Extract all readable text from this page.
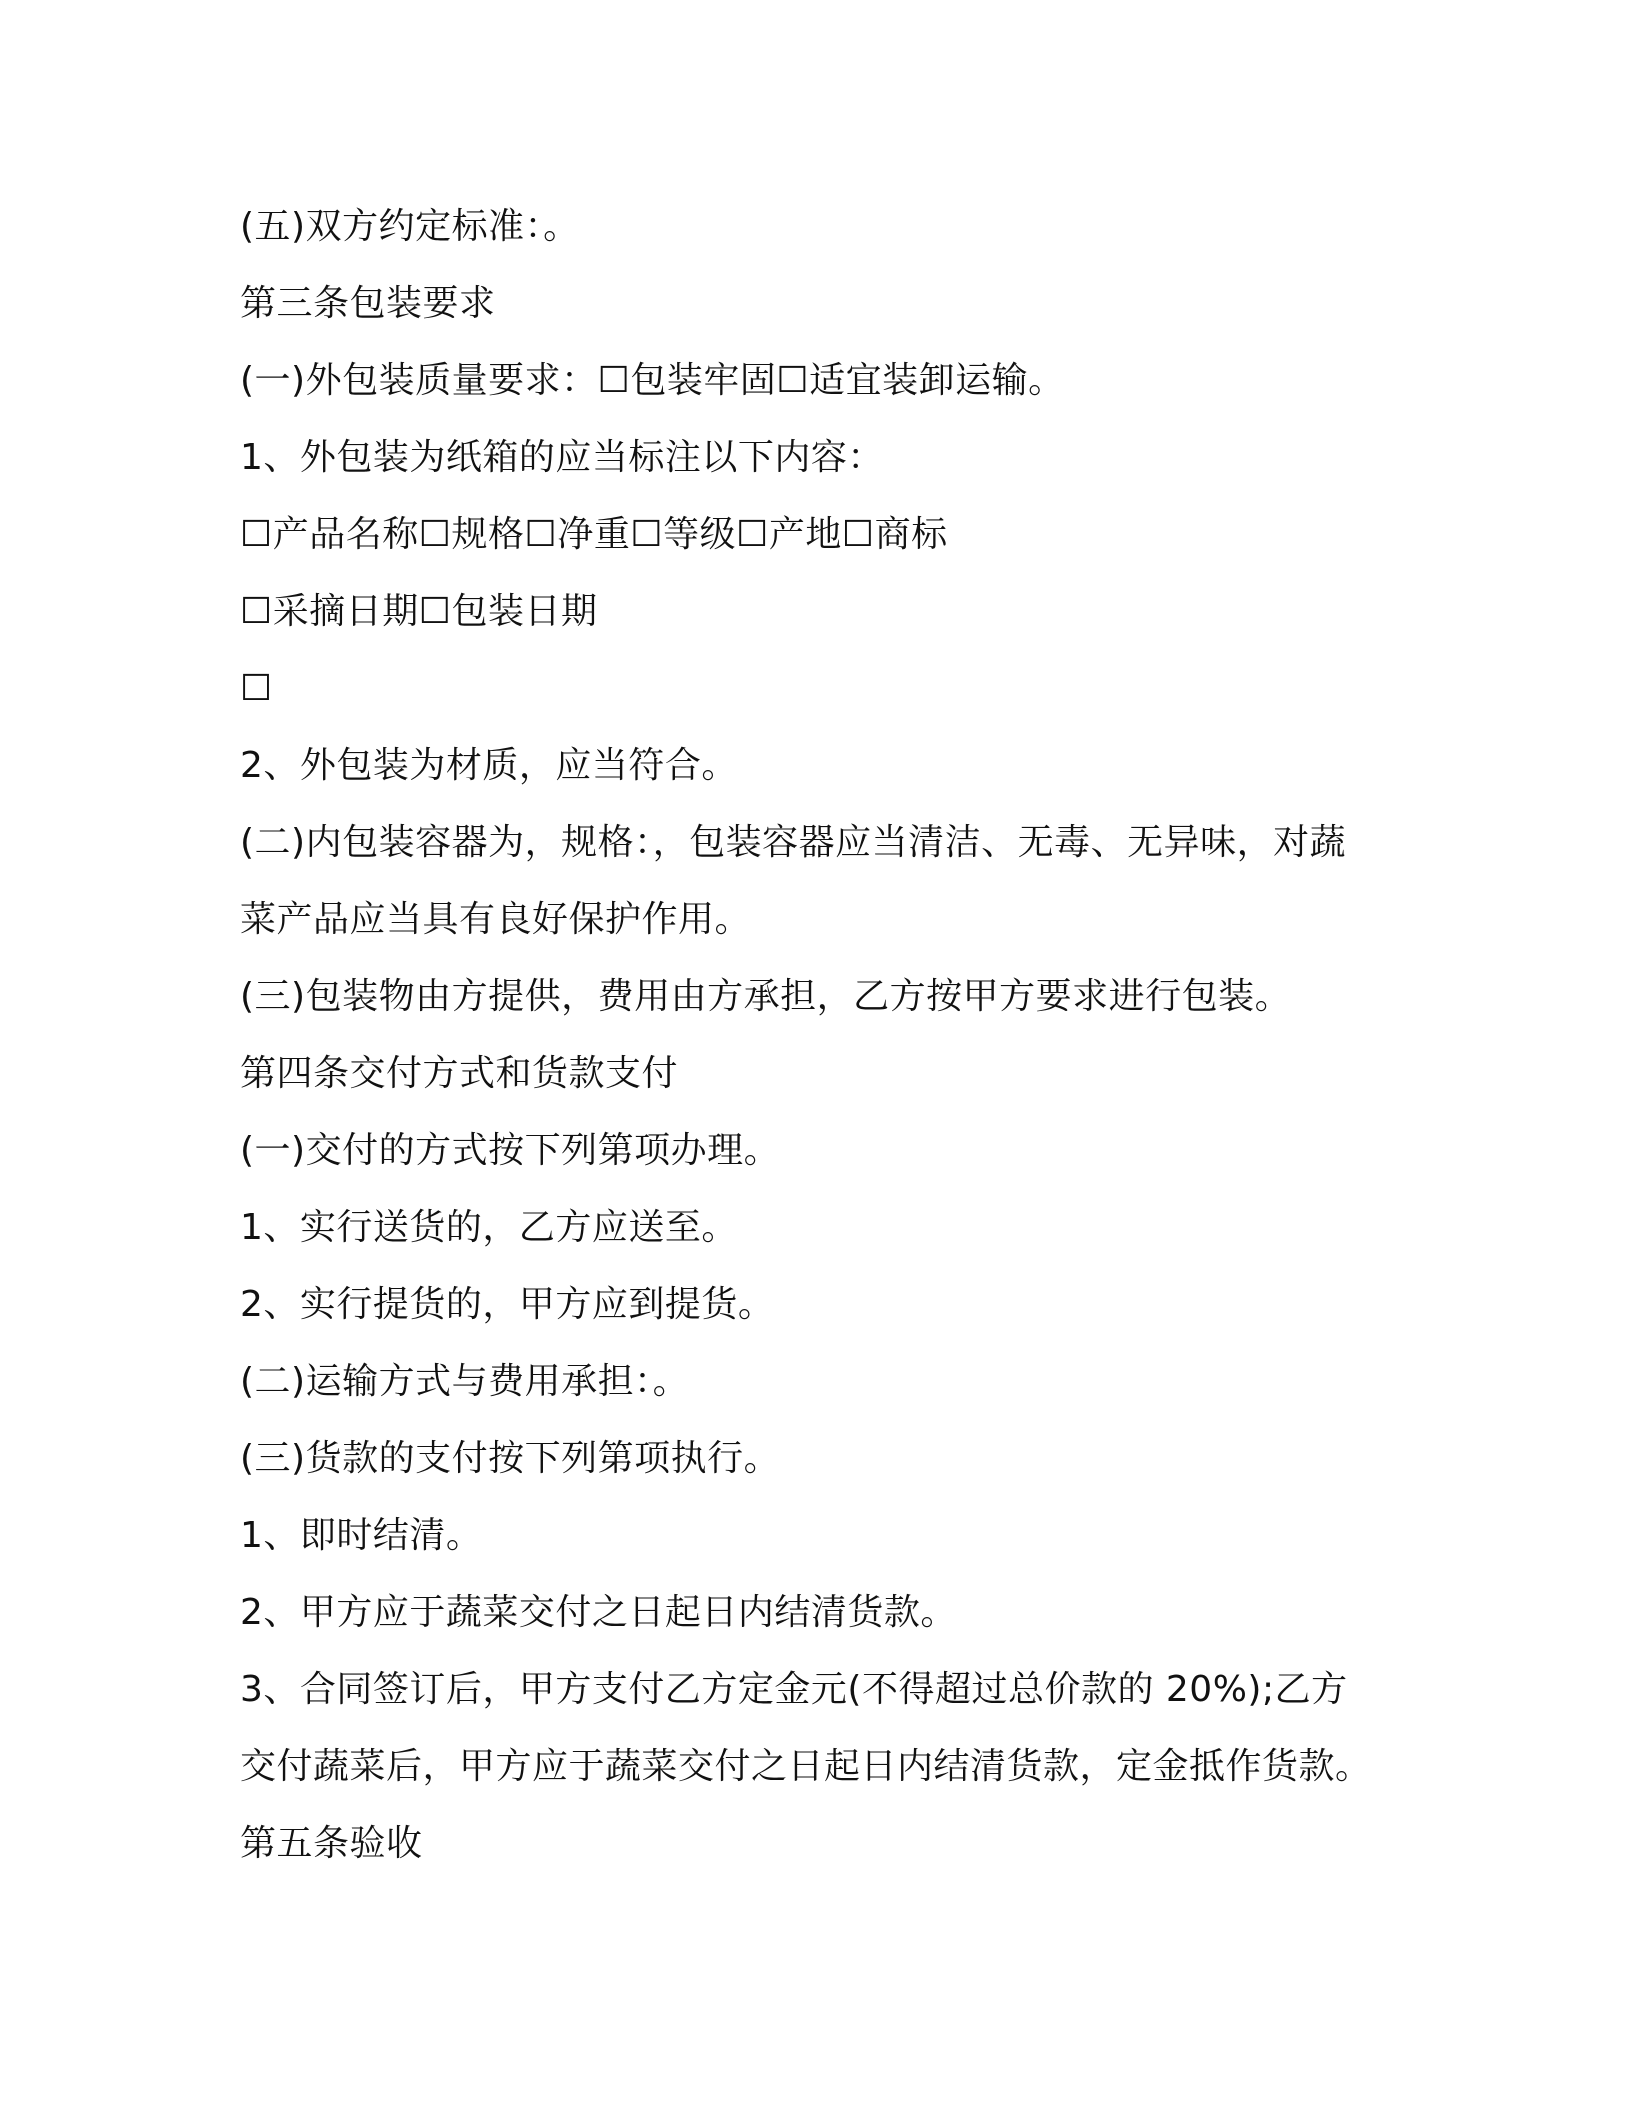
(五)双方约定标准：。
第三条包装要求
(一)外包装质量要求：☐包装牢固☐适宜装卸运输。
1、外包装为纸箱的应当标注以下内容：
☐产品名称☐规格☐净重☐等级☐产地☐商标
☐采摘日期☐包装日期
☐
2、外包装为材质，应当符合。
(二)内包装容器为，规格：，包装容器应当清洁、无毒、无异味，对蔬
菜产品应当具有良好保护作用。
(三)包装物由方提供，费用由方承担，乙方按甲方要求进行包装。
第四条交付方式和货款支付
(一)交付的方式按下列第项办理。
1、实行送货的，乙方应送至。
2、实行提货的，甲方应到提货。
(二)运输方式与费用承担：。
(三)货款的支付按下列第项执行。
1、即时结清。
2、甲方应于蔬菜交付之日起日内结清货款。
3、合同签订后，甲方支付乙方定金元(不得超过总价款的 20%);乙方
交付蔬菜后，甲方应于蔬菜交付之日起日内结清货款，定金抵作货款。
第五条验收
